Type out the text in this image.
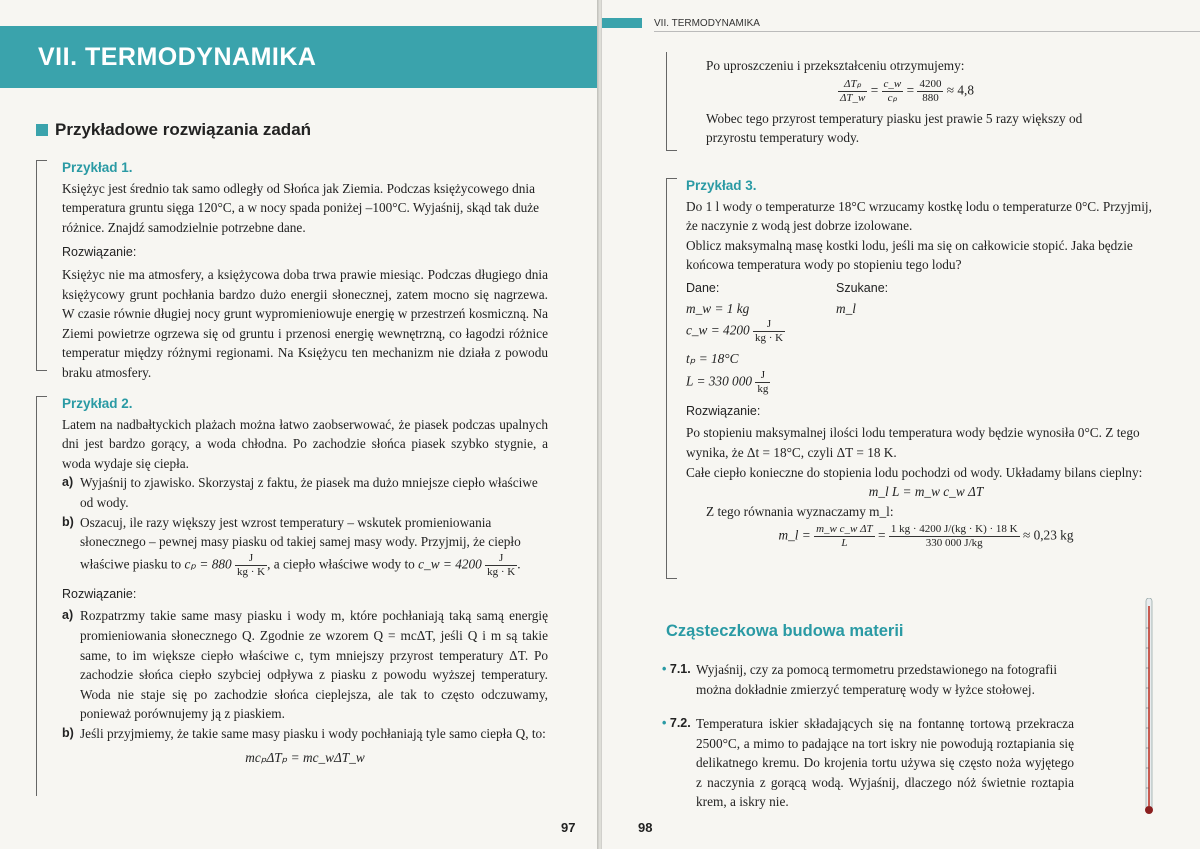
VII. TERMODYNAMIKA
Przykładowe rozwiązania zadań
Przykład 1.

Księżyc jest średnio tak samo odległy od Słońca jak Ziemia. Podczas księżycowego dnia temperatura gruntu sięga 120°C, a w nocy spada poniżej –100°C. Wyjaśnij, skąd tak duże różnice. Znajdź samodzielnie potrzebne dane.

Rozwiązanie:

Księżyc nie ma atmosfery, a księżycowa doba trwa prawie miesiąc. Podczas długiego dnia księżycowy grunt pochłania bardzo dużo energii słonecznej, zatem mocno się nagrzewa. W czasie równie długiej nocy grunt wypromieniowuje energię w przestrzeń kosmiczną. Na Ziemi powietrze ogrzewa się od gruntu i przenosi energię wewnętrzną, co łagodzi różnice temperatur między różnymi regionami. Na Księżycu ten mechanizm nie działa z powodu braku atmosfery.

Przykład 2.

Latem na nadbałtyckich plażach można łatwo zaobserwować, że piasek podczas upalnych dni jest bardzo gorący, a woda chłodna. Po zachodzie słońca piasek szybko stygnie, a woda wydaje się ciepła.

a) Wyjaśnij to zjawisko. Skorzystaj z faktu, że piasek ma dużo mniejsze ciepło właściwe od wody.
b) Oszacuj, ile razy większy jest wzrost temperatury – wskutek promieniowania słonecznego – pewnej masy piasku od takiej samej masy wody. Przyjmij, że ciepło właściwe piasku to $c_p = 880 \frac{J}{kg \cdot K}$ , a ciepło właściwe wody to c_w = $4200 \frac{J}{kg \cdot K}$ .
Rozwiązanie:
a) Rozpatrzmy takie same masy piasku i wody m, które pochłaniają taką samą energię promieniowania słonecznego Q. Zgodnie ze wzorem Q = mcΔT, jeśli Q i m są takie same, to im większe ciepło właściwe c, tym mniejszy przyrost temperatury ΔT. Po zachodzie słońca ciepło szybciej odpływa z piasku z powodu wyższej temperatury. Woda nie staje się po zachodzie słońca cieplejsza, ale tak to często odczuwamy, ponieważ porównujemy ją z piaskiem.
b) Jeśli przyjmiemy, że takie same masy piasku i wody pochłaniają tyle samo ciepła Q, to:
mcₚΔTₚ = mc_wΔT_w
97
VII. TERMODYNAMIKA

Po uproszczeniu i przekształceniu otrzymujemy:

$\frac{\text{ΔTₚ}}{\Delta T\_w} = \frac{c\_w}{\text{cₚ}} = \frac{4200}{880} \approx 4,8$

Wobec tego przyrost temperatury piasku jest prawie 5 razy większy od przyrostu temperatury wody.

Przykład 3.

Do 1 l wody o temperaturze 18°C wrzucamy kostkę lodu o temperaturze 0°C. Przyjmij, że naczynie z wodą jest dobrze izolowane.

Oblicz maksymalną masę kostki lodu, jeśli ma się on całkowicie stopić. Jaka będzie końcowa temperatura wody po stopieniu tego lodu?

Dane:
m_w = 1 kg
c_w = $4200 \frac{J}{kg \cdot K}$
tₚ = 18°C
L = 330 $000 \frac{J}{kg}$
Szukane:
m_l
Rozwiązanie:

Po stopieniu maksymalnej ilości lodu temperatura wody będzie wynosiła 0°C. Z tego wynika, że Δt = 18°C, czyli ΔT = 18 K.

Całe ciepło konieczne do stopienia lodu pochodzi od wody. Układamy bilans cieplny:

m_l L = m_w c_w ΔT

Z tego równania wyznaczamy m_l:

m_l = $\frac{\text{m\_w c\_w ΔT}}{L} = \frac{1 kg \cdot 4200 J/(kg \cdot K) \cdot 18 K}{330 000 J/kg} \approx 0,23$ kg
Cząsteczkowa budowa materii
• 7.1. Wyjaśnij, czy za pomocą termometru przedstawionego na fotografii można dokładnie zmierzyć temperaturę wody w łyżce stołowej.
• 7.2. Temperatura iskier składających się na fontannę tortową przekracza 2500°C, a mimo to padające na tort iskry nie powodują roztapiania się delikatnego kremu. Do krojenia tortu używa się często noża wyjętego z naczynia z gorącą wodą. Wyjaśnij, dlaczego nóż świetnie roztapia krem, a iskry nie.
98
